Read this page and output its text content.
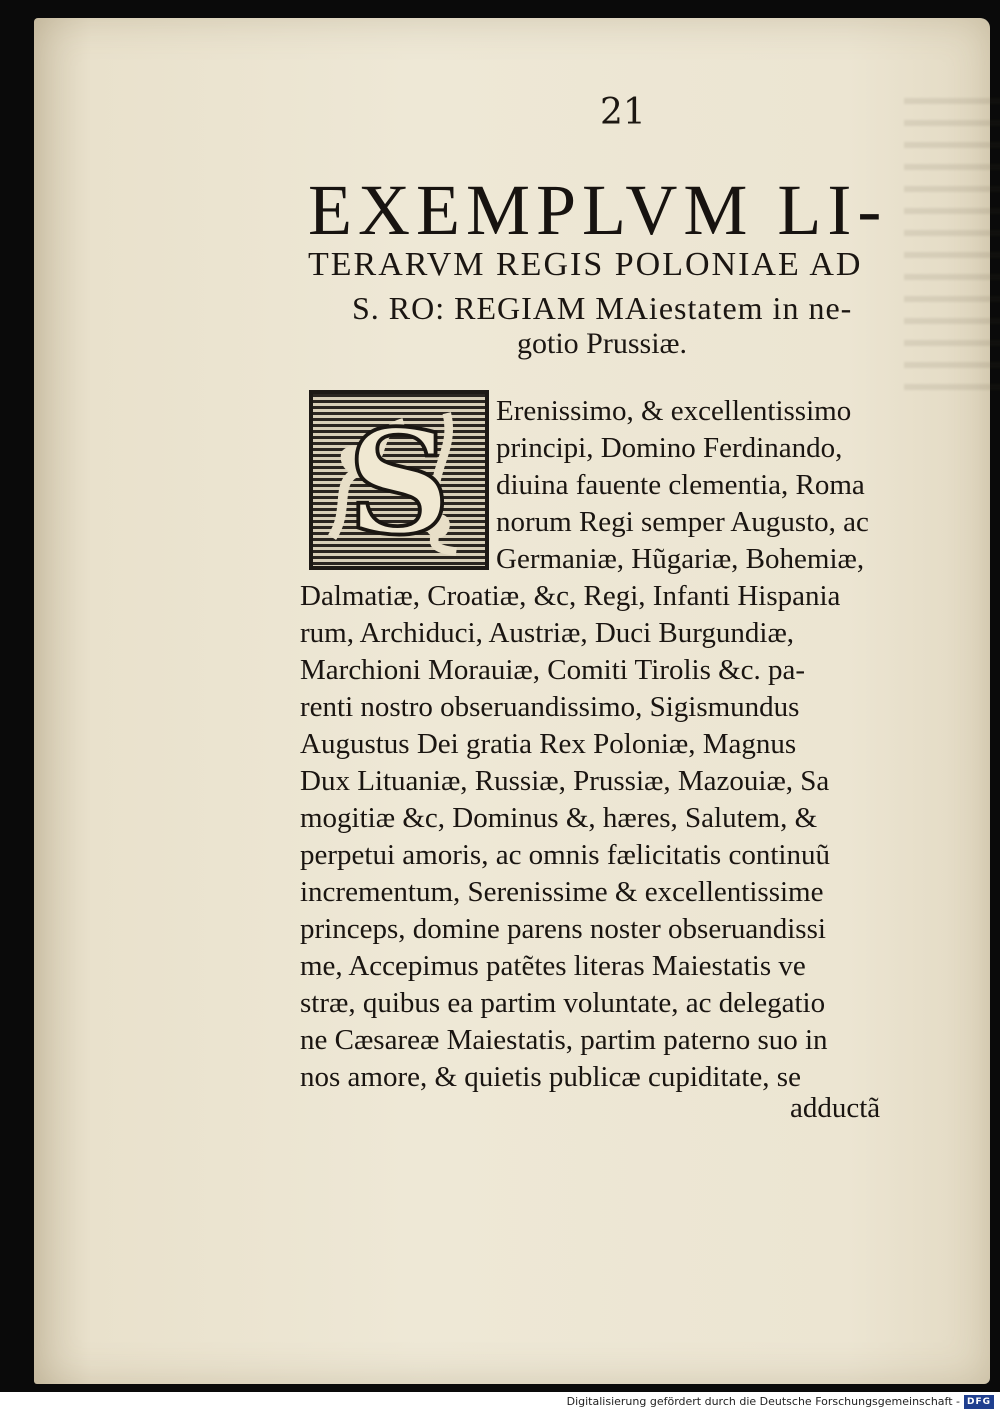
21
EXEMPLVM LI-
TERARVM REGIS POLONIAE AD
S. RO: REGIAM MAiestatem in ne-
gotio Prussiæ.
S Erenissimo, & excellentissimo
principi, Domino Ferdinando,
diuina fauente clementia, Roma
norum Regi semper Augusto, ac
Germaniæ, Hũgariæ, Bohemiæ,
Dalmatiæ, Croatiæ, &c, Regi, Infanti Hispania
rum, Archiduci, Austriæ, Duci Burgundiæ,
Marchioni Morauiæ, Comiti Tirolis &c. pa-
renti nostro obseruandissimo, Sigismundus
Augustus Dei gratia Rex Poloniæ, Magnus
Dux Lituaniæ, Russiæ, Prussiæ, Mazouiæ, Sa
mogitiæ &c, Dominus &, hæres, Salutem, &
perpetui amoris, ac omnis fælicitatis continuũ
incrementum, Serenissime & excellentissime
princeps, domine parens noster obseruandissi
me, Accepimus patẽtes literas Maiestatis ve
stræ, quibus ea partim voluntate, ac delegatio
ne Cæsareæ Maiestatis, partim paterno suo in
nos amore, & quietis publicæ cupiditate, se
adductã
Digitalisierung gefördert durch die Deutsche Forschungsgemeinschaft - DFG
